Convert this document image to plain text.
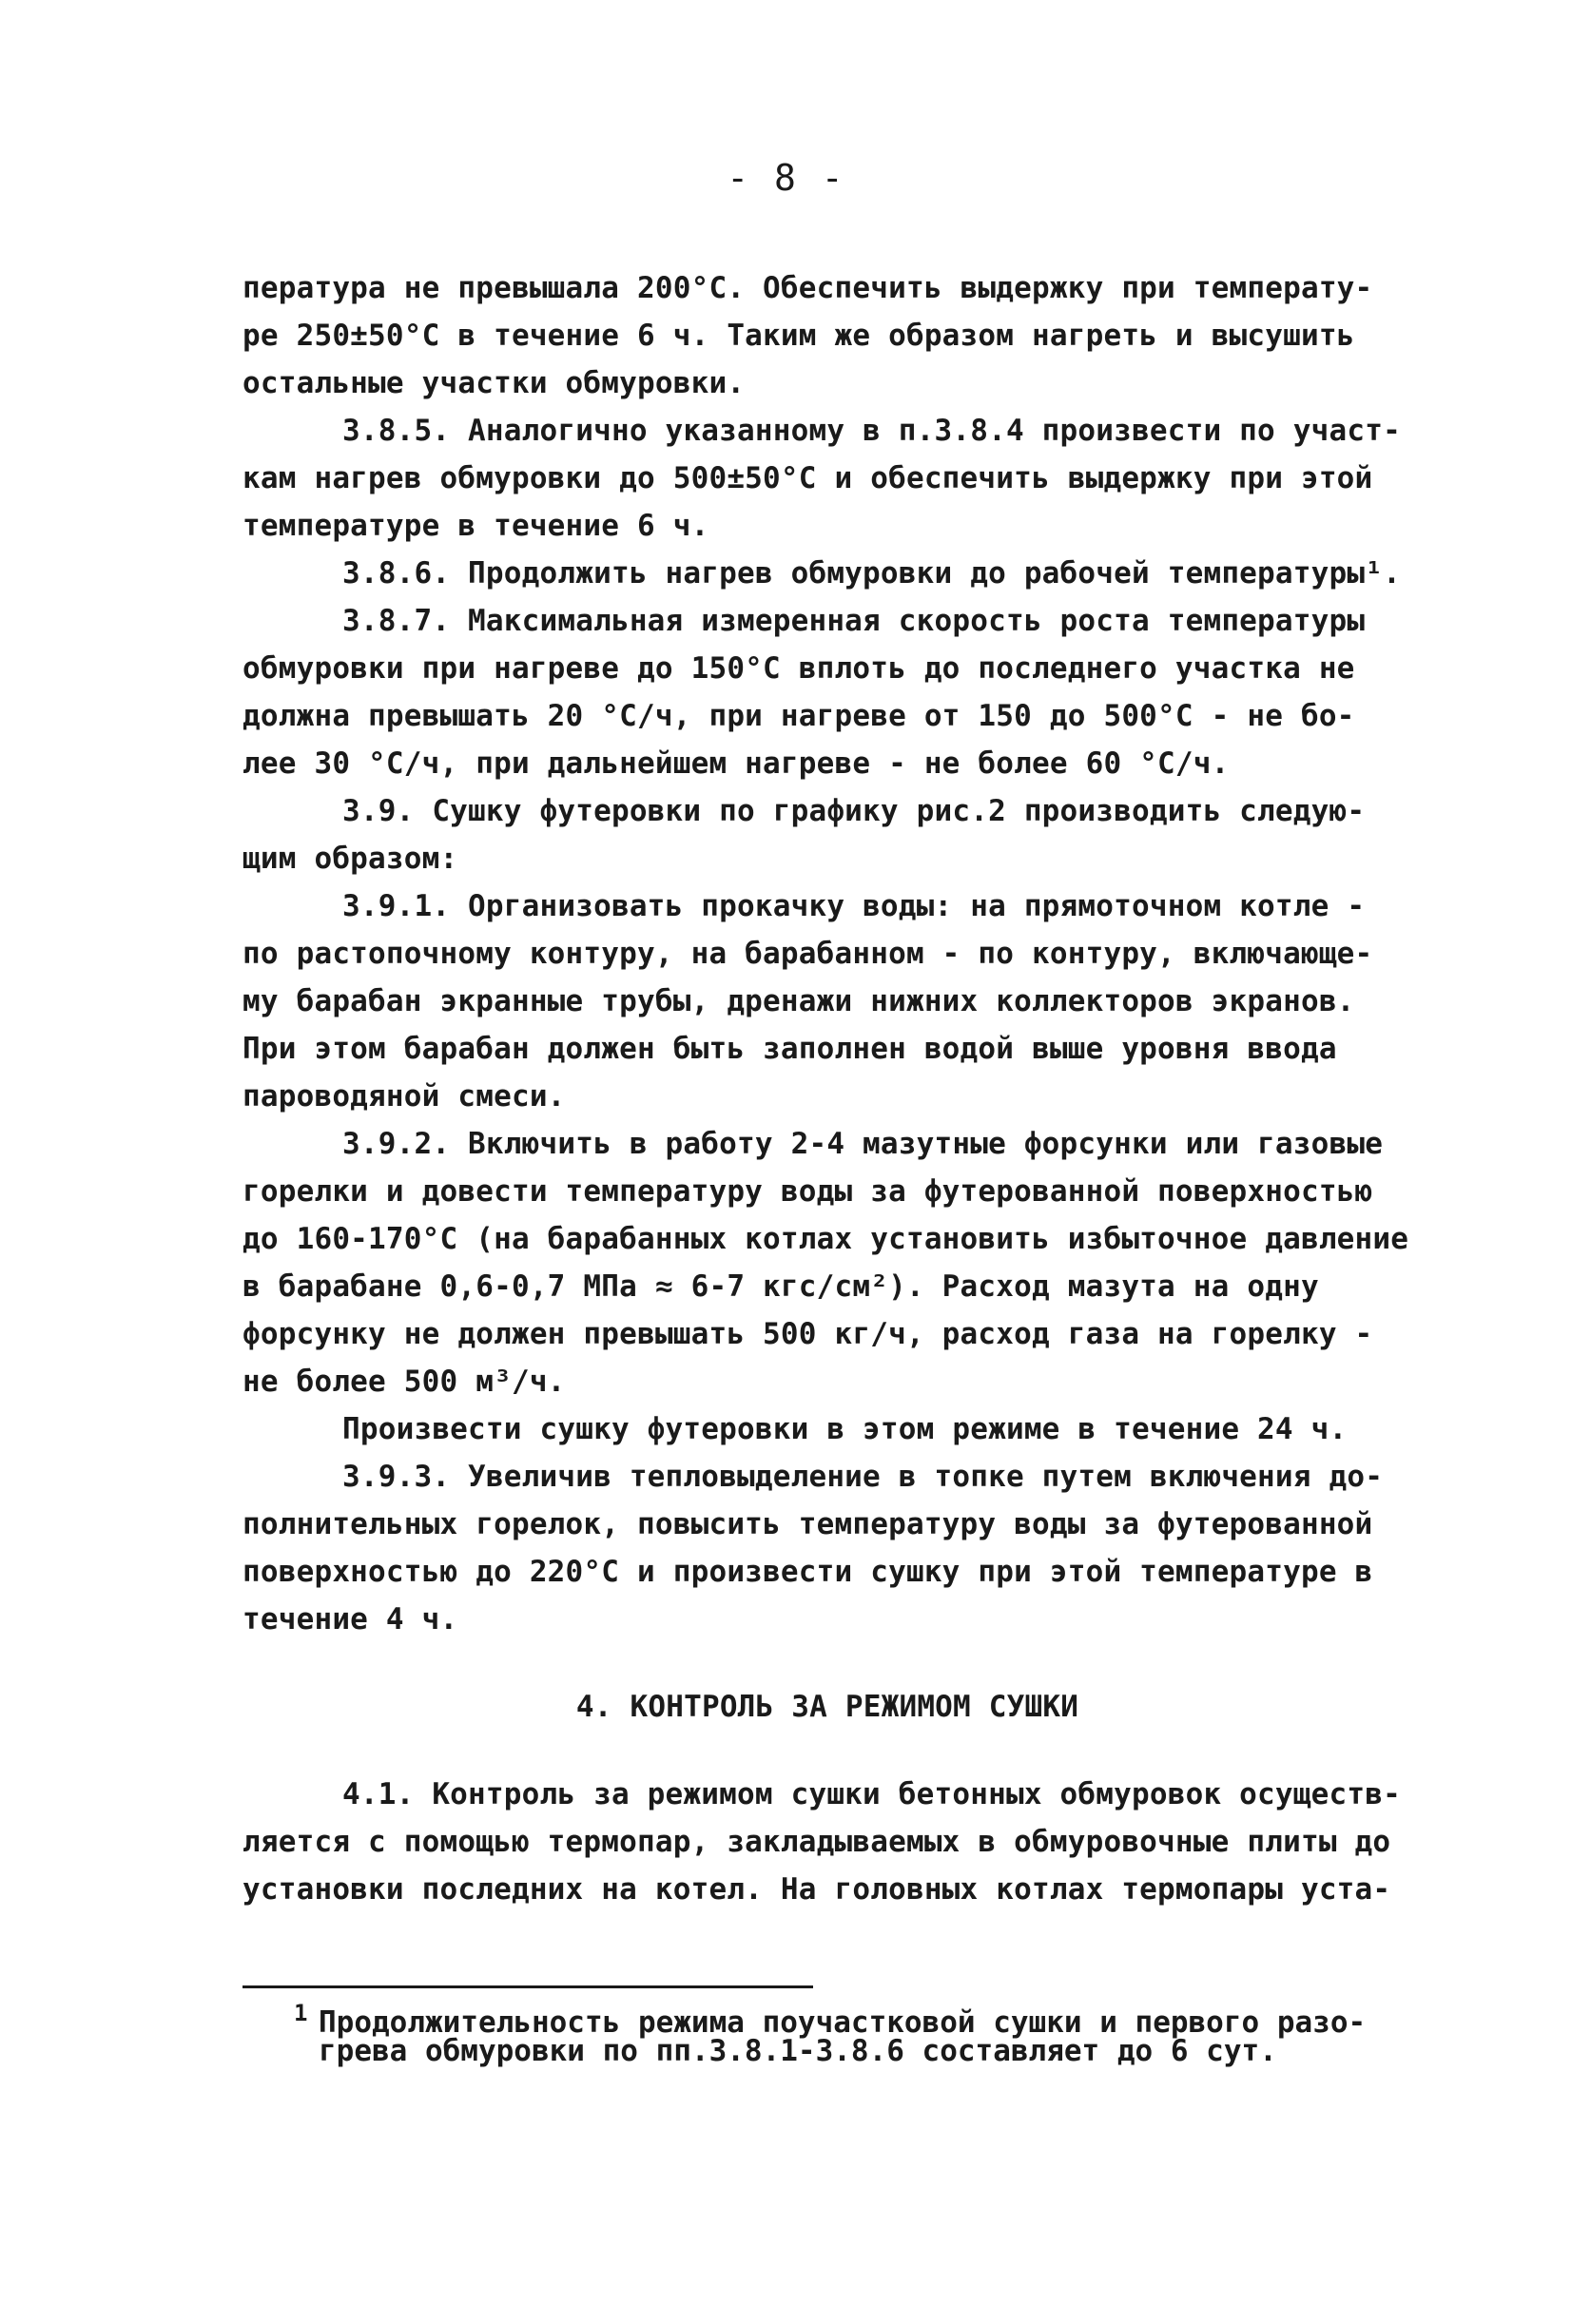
- 8 -
пература не превышала 200°С. Обеспечить выдержку при температу-
ре 250±50°С в течение 6 ч. Таким же образом нагреть и высушить
остальные участки обмуровки.
3.8.5. Аналогично указанному в п.3.8.4 произвести по участ-
кам нагрев обмуровки до 500±50°С и обеспечить выдержку при этой
температуре в течение 6 ч.
3.8.6. Продолжить нагрев обмуровки до рабочей температуры¹.
3.8.7. Максимальная измеренная скорость роста температуры
обмуровки при нагреве до 150°С вплоть до последнего участка не
должна превышать 20 °С/ч, при нагреве от 150 до 500°С - не бо-
лее 30 °С/ч, при дальнейшем нагреве - не более 60 °С/ч.
3.9. Сушку футеровки по графику рис.2 производить следую-
щим образом:
3.9.1. Организовать прокачку воды: на прямоточном котле -
по растопочному контуру, на барабанном - по контуру, включающе-
му барабан экранные трубы, дренажи нижних коллекторов экранов.
При этом барабан должен быть заполнен водой выше уровня ввода
пароводяной смеси.
3.9.2. Включить в работу 2-4 мазутные форсунки или газовые
горелки и довести температуру воды за футерованной поверхностью
до 160-170°С (на барабанных котлах установить избыточное давление
в барабане 0,6-0,7 МПа ≈ 6-7 кгс/см²). Расход мазута на одну
форсунку не должен превышать 500 кг/ч, расход газа на горелку -
не более 500 м³/ч.
Произвести сушку футеровки в этом режиме в течение 24 ч.
3.9.3. Увеличив тепловыделение в топке путем включения до-
полнительных горелок, повысить температуру воды за футерованной
поверхностью до 220°С и произвести сушку при этой температуре в
течение 4 ч.
4. КОНТРОЛЬ ЗА РЕЖИМОМ СУШКИ
4.1. Контроль за режимом сушки бетонных обмуровок осуществ-
ляется с помощью термопар, закладываемых в обмуровочные плиты до
установки последних на котел. На головных котлах термопары уста-
1 Продолжительность режима поучастковой сушки и первого разо-
грева обмуровки по пп.3.8.1-3.8.6 составляет до 6 сут.
